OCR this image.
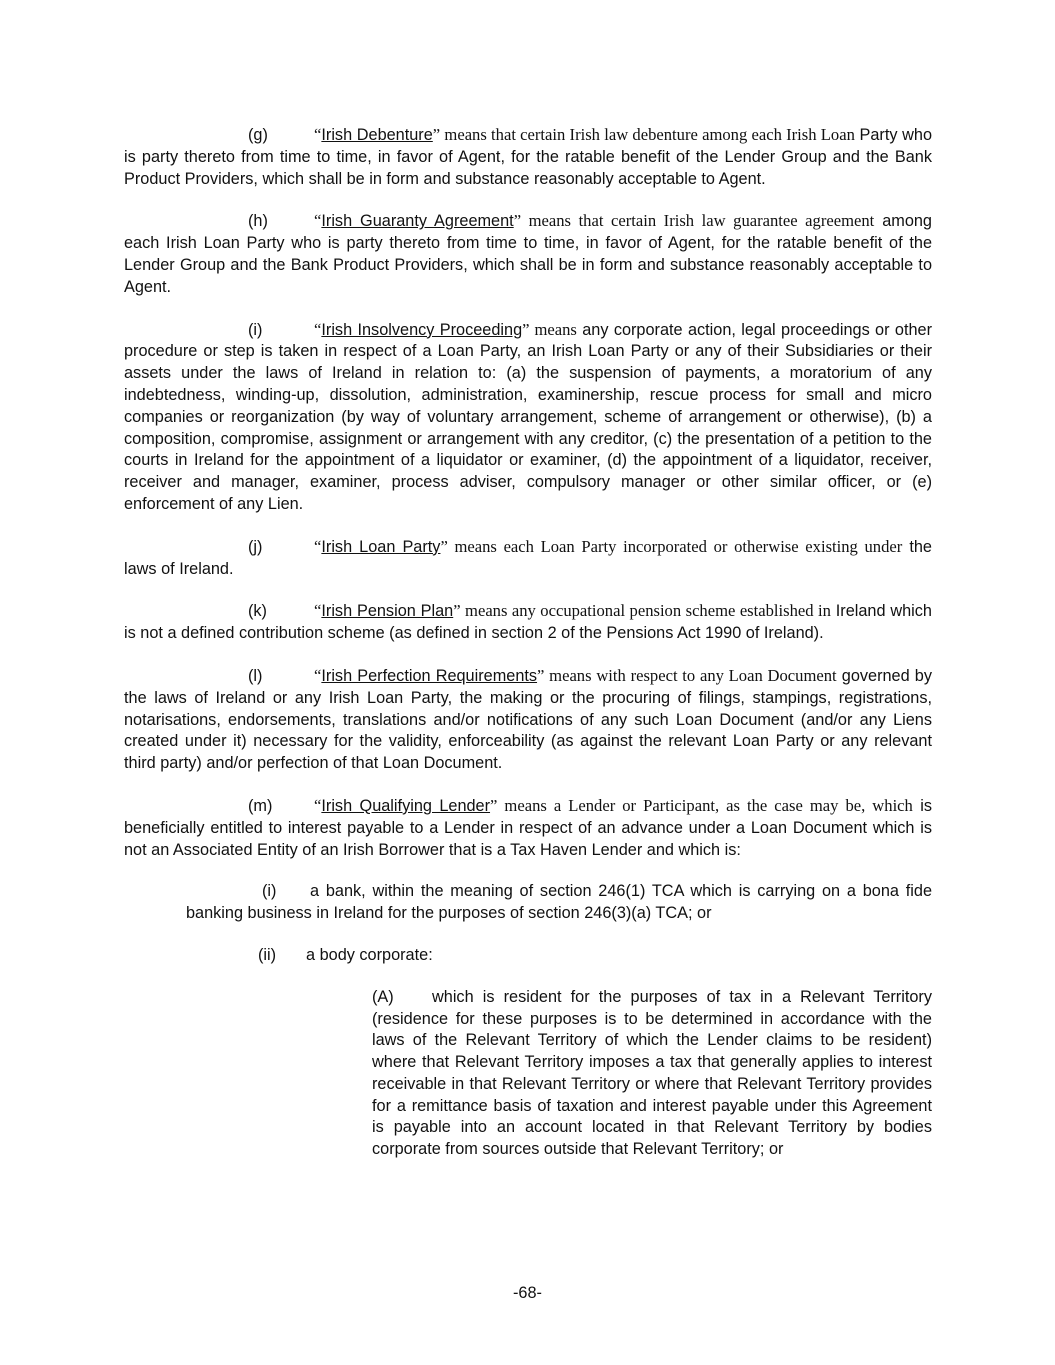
(g)	“Irish Debenture” means that certain Irish law debenture among each Irish Loan Party who is party thereto from time to time, in favor of Agent, for the ratable benefit of the Lender Group and the Bank Product Providers, which shall be in form and substance reasonably acceptable to Agent.

(h)	“Irish Guaranty Agreement” means that certain Irish law guarantee agreement among each Irish Loan Party who is party thereto from time to time, in favor of Agent, for the ratable benefit of the Lender Group and the Bank Product Providers, which shall be in form and substance reasonably acceptable to Agent.

(i)	“Irish Insolvency Proceeding” means any corporate action, legal proceedings or other procedure or step is taken in respect of a Loan Party, an Irish Loan Party or any of their Subsidiaries or their assets under the laws of Ireland in relation to: (a) the suspension of payments, a moratorium of any indebtedness, winding-up, dissolution, administration, examinership, rescue process for small and micro companies or reorganization (by way of voluntary arrangement, scheme of arrangement or otherwise), (b) a composition, compromise, assignment or arrangement with any creditor, (c) the presentation of a petition to the courts in Ireland for the appointment of a liquidator or examiner, (d) the appointment of a liquidator, receiver, receiver and manager, examiner, process adviser, compulsory manager or other similar officer, or (e) enforcement of any Lien.

(j)	“Irish Loan Party” means each Loan Party incorporated or otherwise existing under the laws of Ireland.

(k)	“Irish Pension Plan” means any occupational pension scheme established in Ireland which is not a defined contribution scheme (as defined in section 2 of the Pensions Act 1990 of Ireland).

(l)	“Irish Perfection Requirements” means with respect to any Loan Document governed by the laws of Ireland or any Irish Loan Party, the making or the procuring of filings, stampings, registrations, notarisations, endorsements, translations and/or notifications of any such Loan Document (and/or any Liens created under it) necessary for the validity, enforceability (as against the relevant Loan Party or any relevant third party) and/or perfection of that Loan Document.

(m)	“Irish Qualifying Lender” means a Lender or Participant, as the case may be, which is beneficially entitled to interest payable to a Lender in respect of an advance under a Loan Document which is not an Associated Entity of an Irish Borrower that is a Tax Haven Lender and which is:

(i) a bank, within the meaning of section 246(1) TCA which is carrying on a bona fide banking business in Ireland for the purposes of section 246(3)(a) TCA; or

(ii) a body corporate:

(A) which is resident for the purposes of tax in a Relevant Territory (residence for these purposes is to be determined in accordance with the laws of the Relevant Territory of which the Lender claims to be resident) where that Relevant Territory imposes a tax that generally applies to interest receivable in that Relevant Territory or where that Relevant Territory provides for a remittance basis of taxation and interest payable under this Agreement is payable into an account located in that Relevant Territory by bodies corporate from sources outside that Relevant Territory; or

-68-
